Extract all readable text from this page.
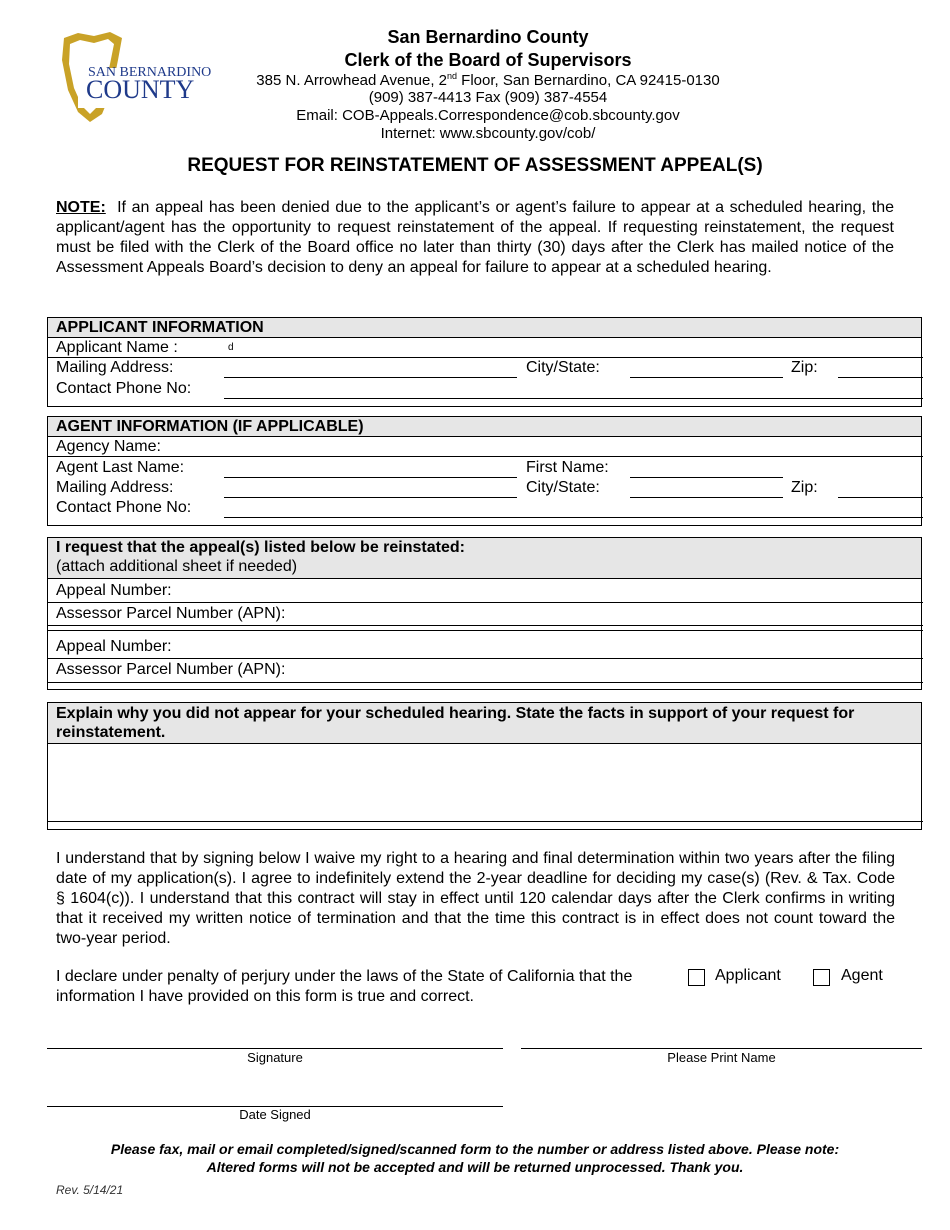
SAN BERNARDINO
COUNTY
San Bernardino County
Clerk of the Board of Supervisors
385 N. Arrowhead Avenue, 2nd Floor, San Bernardino, CA 92415-0130
(909) 387-4413 Fax (909) 387-4554
Email: COB-Appeals.Correspondence@cob.sbcounty.gov
Internet: www.sbcounty.gov/cob/
REQUEST FOR REINSTATEMENT OF ASSESSMENT APPEAL(S)
NOTE: If an appeal has been denied due to the applicant’s or agent’s failure to appear at a scheduled hearing, the applicant/agent has the opportunity to request reinstatement of the appeal. If requesting reinstatement, the request must be filed with the Clerk of the Board office no later than thirty (30) days after the Clerk has mailed notice of the Assessment Appeals Board’s decision to deny an appeal for failure to appear at a scheduled hearing.
APPLICANT INFORMATION
Applicant Name :	d
Mailing Address:	City/State:	Zip:
Contact Phone No:
AGENT INFORMATION (IF APPLICABLE)
Agency Name:
Agent Last Name:	First Name:
Mailing Address:	City/State:	Zip:
Contact Phone No:
I request that the appeal(s) listed below be reinstated:
(attach additional sheet if needed)
Appeal Number:
Assessor Parcel Number (APN):
Appeal Number:
Assessor Parcel Number (APN):
Explain why you did not appear for your scheduled hearing. State the facts in support of your request for reinstatement.
I understand that by signing below I waive my right to a hearing and final determination within two years after the filing date of my application(s). I agree to indefinitely extend the 2-year deadline for deciding my case(s) (Rev. & Tax. Code § 1604(c)). I understand that this contract will stay in effect until 120 calendar days after the Clerk confirms in writing that it received my written notice of termination and that the time this contract is in effect does not count toward the two-year period.
I declare under penalty of perjury under the laws of the State of California that the information I have provided on this form is true and correct.
Applicant	Agent
Signature	Please Print Name
Date Signed
Please fax, mail or email completed/signed/scanned form to the number or address listed above. Please note:
Altered forms will not be accepted and will be returned unprocessed. Thank you.
Rev. 5/14/21
